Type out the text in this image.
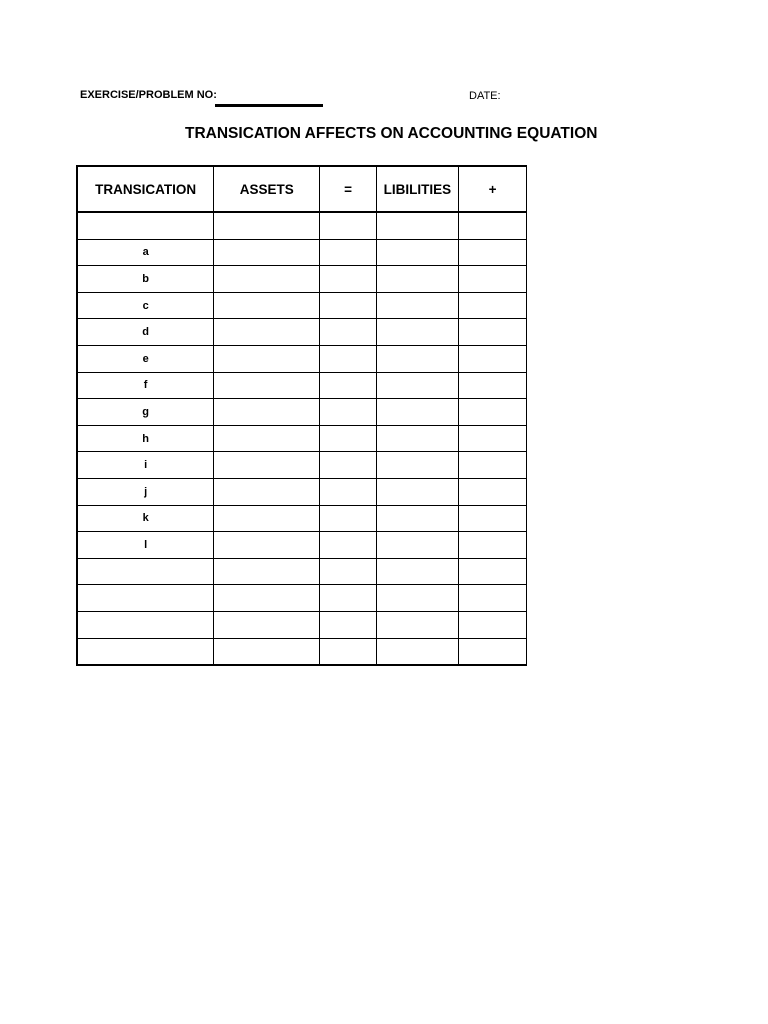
EXERCISE/PROBLEM NO:	DATE:
TRANSICATION AFFECTS ON ACCOUNTING EQUATION
TRANSICATION	ASSETS	=	LIBILITIES	+

a				
b				
c				
d				
e				
f				
g				
h				
i				
j				
k				
l				
